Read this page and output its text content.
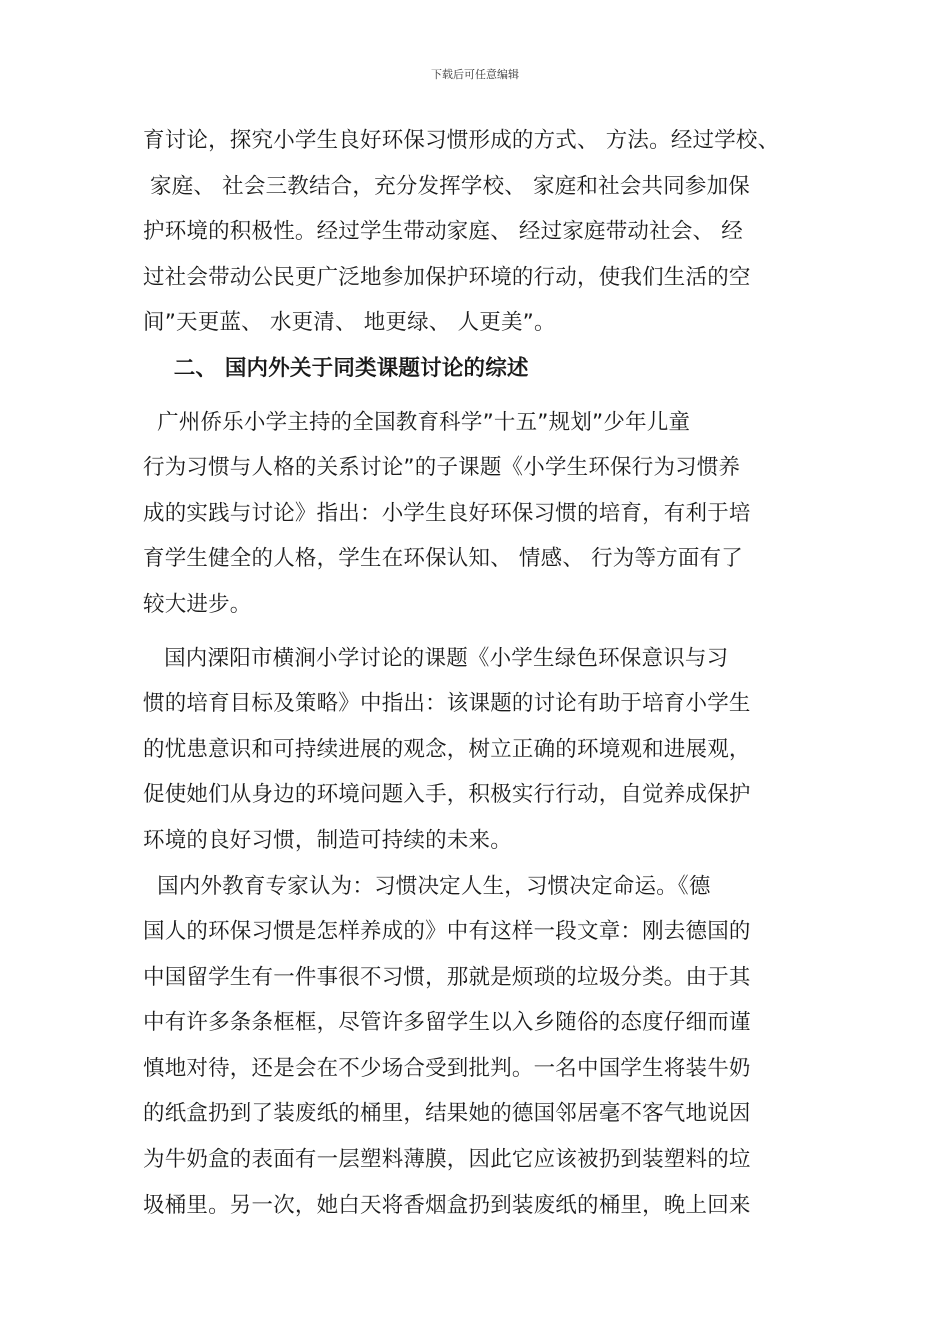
下载后可任意编辑
育讨论，探究小学生良好环保习惯形成的方式、 方法。经过学校、
家庭、 社会三教结合，充分发挥学校、 家庭和社会共同参加保
护环境的积极性。经过学生带动家庭、 经过家庭带动社会、 经
过社会带动公民更广泛地参加保护环境的行动，使我们生活的空
间”天更蓝、 水更清、 地更绿、 人更美”。
二、 国内外关于同类课题讨论的综述
广州侨乐小学主持的全国教育科学”十五”规划”少年儿童
行为习惯与人格的关系讨论”的子课题《小学生环保行为习惯养
成的实践与讨论》指出：小学生良好环保习惯的培育，有利于培
育学生健全的人格，学生在环保认知、 情感、 行为等方面有了
较大进步。
国内溧阳市横涧小学讨论的课题《小学生绿色环保意识与习
惯的培育目标及策略》中指出：该课题的讨论有助于培育小学生
的忧患意识和可持续进展的观念，树立正确的环境观和进展观，
促使她们从身边的环境问题入手，积极实行行动，自觉养成保护
环境的良好习惯，制造可持续的未来。
国内外教育专家认为：习惯决定人生，习惯决定命运。《德
国人的环保习惯是怎样养成的》中有这样一段文章：刚去德国的
中国留学生有一件事很不习惯，那就是烦琐的垃圾分类。由于其
中有许多条条框框，尽管许多留学生以入乡随俗的态度仔细而谨
慎地对待，还是会在不少场合受到批判。一名中国学生将装牛奶
的纸盒扔到了装废纸的桶里，结果她的德国邻居毫不客气地说因
为牛奶盒的表面有一层塑料薄膜，因此它应该被扔到装塑料的垃
圾桶里。另一次，她白天将香烟盒扔到装废纸的桶里，晚上回来
